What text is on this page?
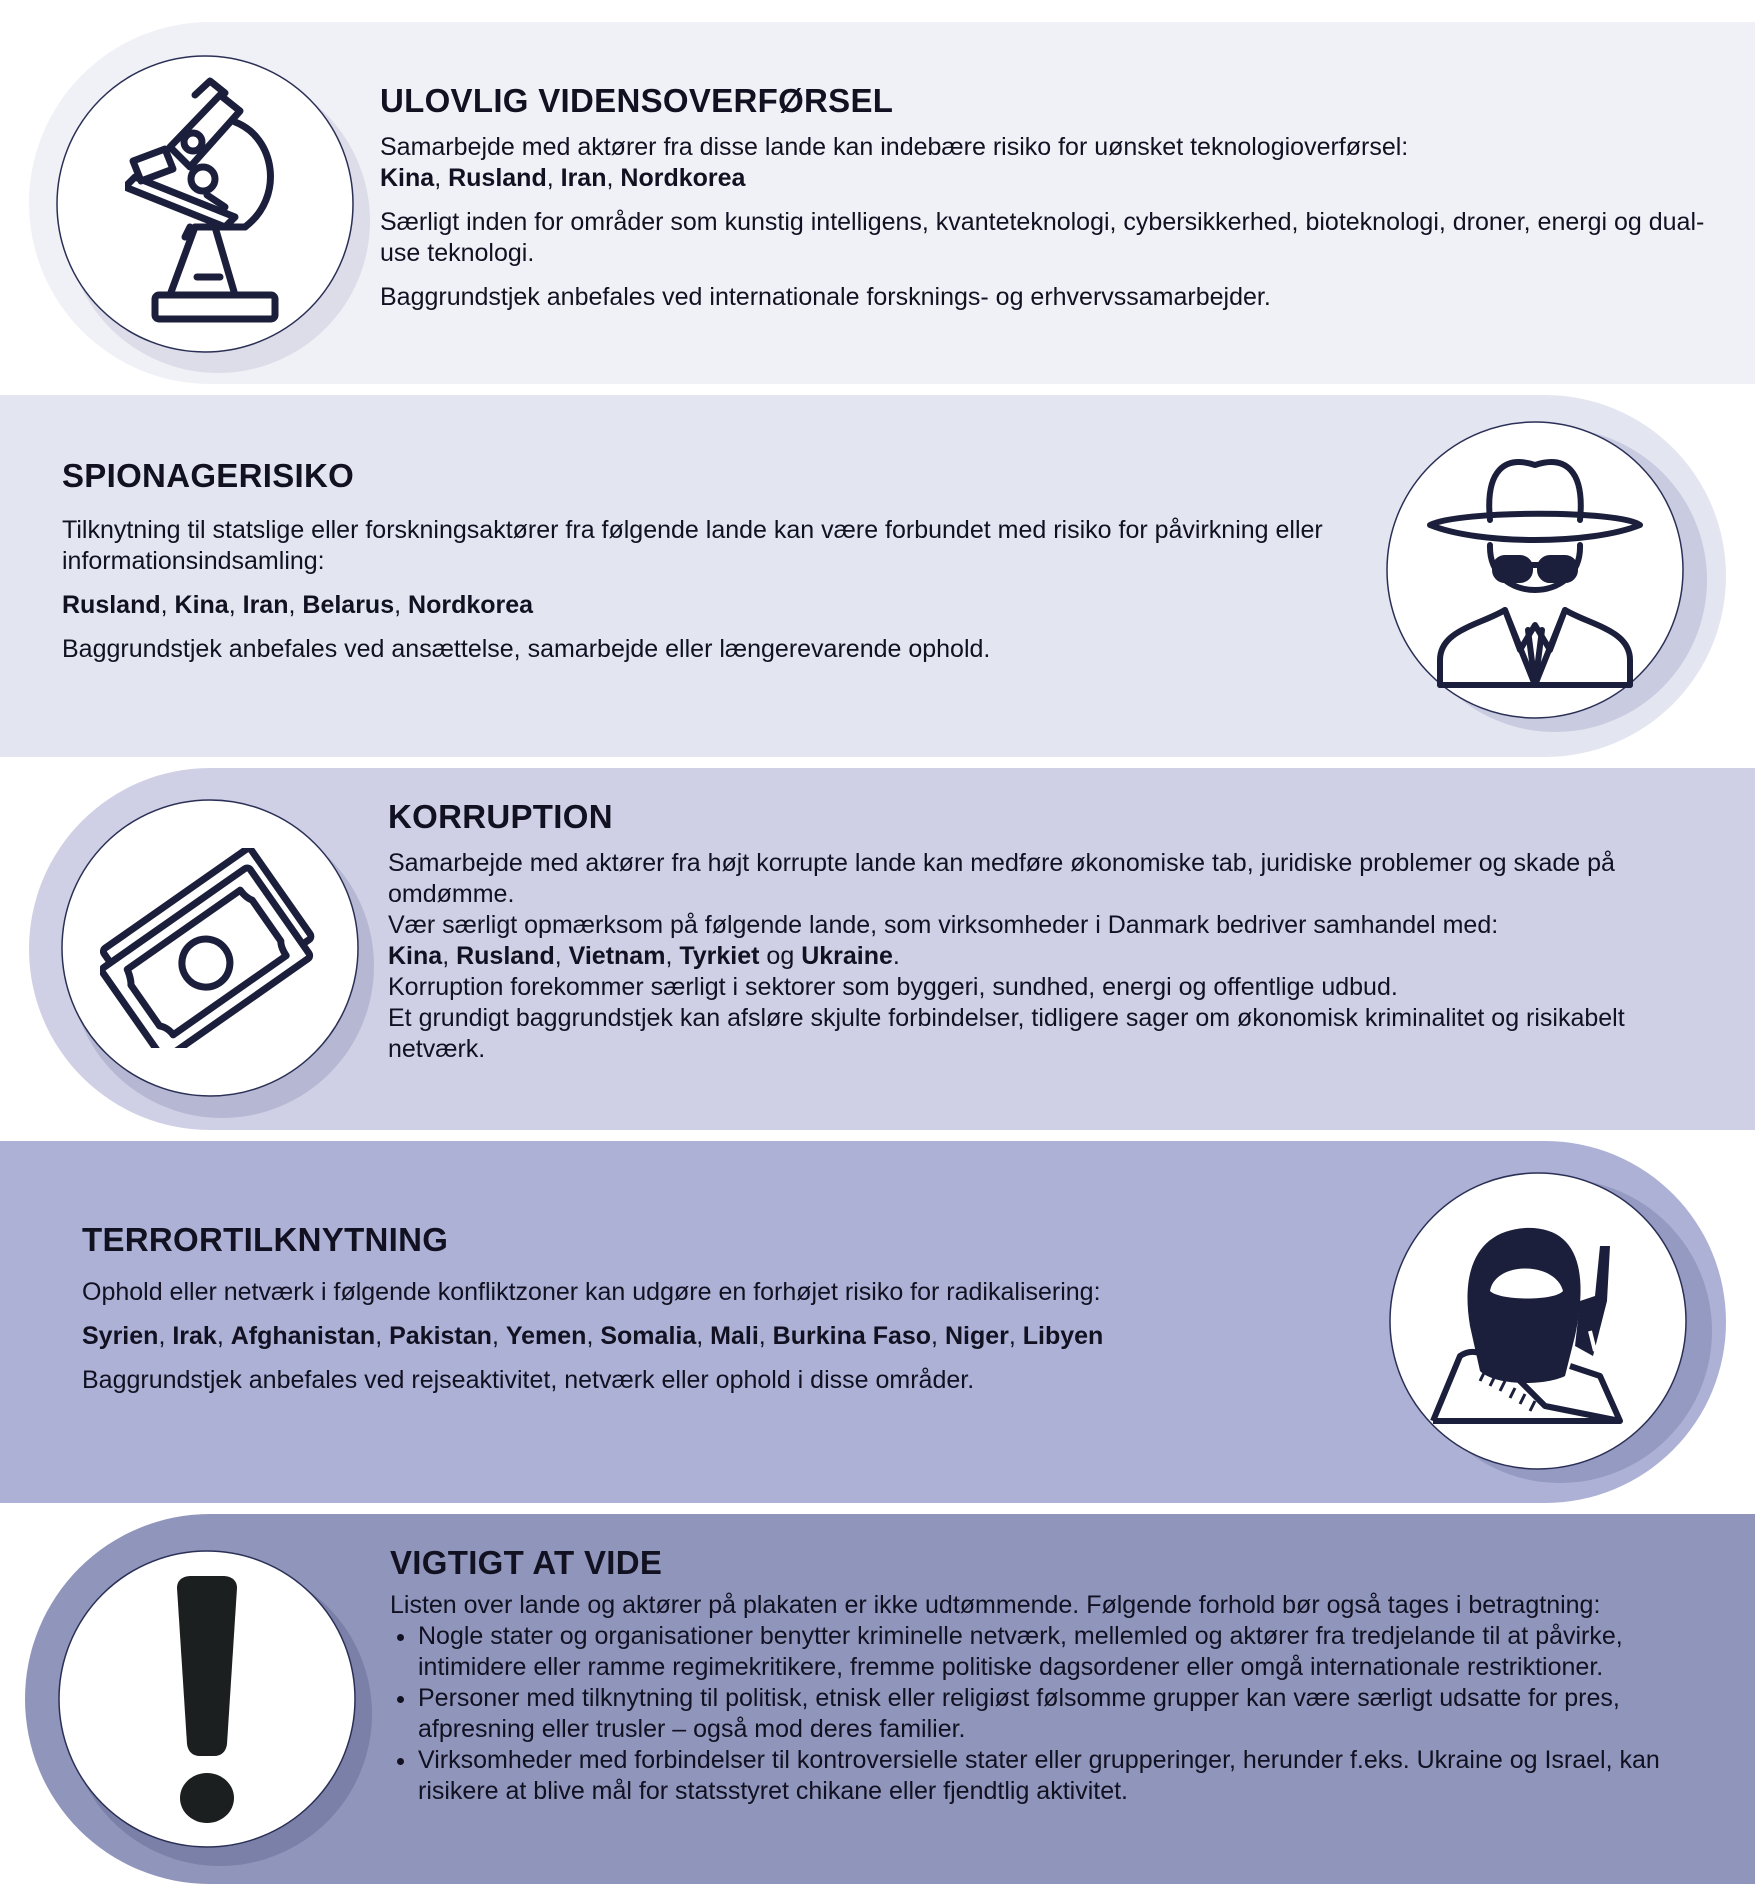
ULOVLIG VIDENSOVERFØRSEL

Samarbejde med aktører fra disse lande kan indebære risiko for uønsket teknologioverførsel:
Kina, Rusland, Iran, Nordkorea

Særligt inden for områder som kunstig intelligens, kvanteteknologi, cybersikkerhed, bioteknologi, droner, energi og dual-use teknologi.

Baggrundstjek anbefales ved internationale forsknings- og erhvervssamarbejder.

SPIONAGERISIKO

Tilknytning til statslige eller forskningsaktører fra følgende lande kan være forbundet med risiko for påvirkning eller informationsindsamling:

Rusland, Kina, Iran, Belarus, Nordkorea

Baggrundstjek anbefales ved ansættelse, samarbejde eller længerevarende ophold.

KORRUPTION

Samarbejde med aktører fra højt korrupte lande kan medføre økonomiske tab, juridiske problemer og skade på omdømme.

Vær særligt opmærksom på følgende lande, som virksomheder i Danmark bedriver samhandel med:

Kina, Rusland, Vietnam, Tyrkiet og Ukraine.

Korruption forekommer særligt i sektorer som byggeri, sundhed, energi og offentlige udbud.

Et grundigt baggrundstjek kan afsløre skjulte forbindelser, tidligere sager om økonomisk kriminalitet og risikabelt netværk.

TERRORTILKNYTNING

Ophold eller netværk i følgende konfliktzoner kan udgøre en forhøjet risiko for radikalisering:

Syrien, Irak, Afghanistan, Pakistan, Yemen, Somalia, Mali, Burkina Faso, Niger, Libyen

Baggrundstjek anbefales ved rejseaktivitet, netværk eller ophold i disse områder.

VIGTIGT AT VIDE

Listen over lande og aktører på plakaten er ikke udtømmende. Følgende forhold bør også tages i betragtning:

• Nogle stater og organisationer benytter kriminelle netværk, mellemled og aktører fra tredjelande til at påvirke, intimidere eller ramme regimekritikere, fremme politiske dagsordener eller omgå internationale restriktioner.
• Personer med tilknytning til politisk, etnisk eller religiøst følsomme grupper kan være særligt udsatte for pres, afpresning eller trusler – også mod deres familier.
• Virksomheder med forbindelser til kontroversielle stater eller grupperinger, herunder f.eks. Ukraine og Israel, kan risikere at blive mål for statsstyret chikane eller fjendtlig aktivitet.
